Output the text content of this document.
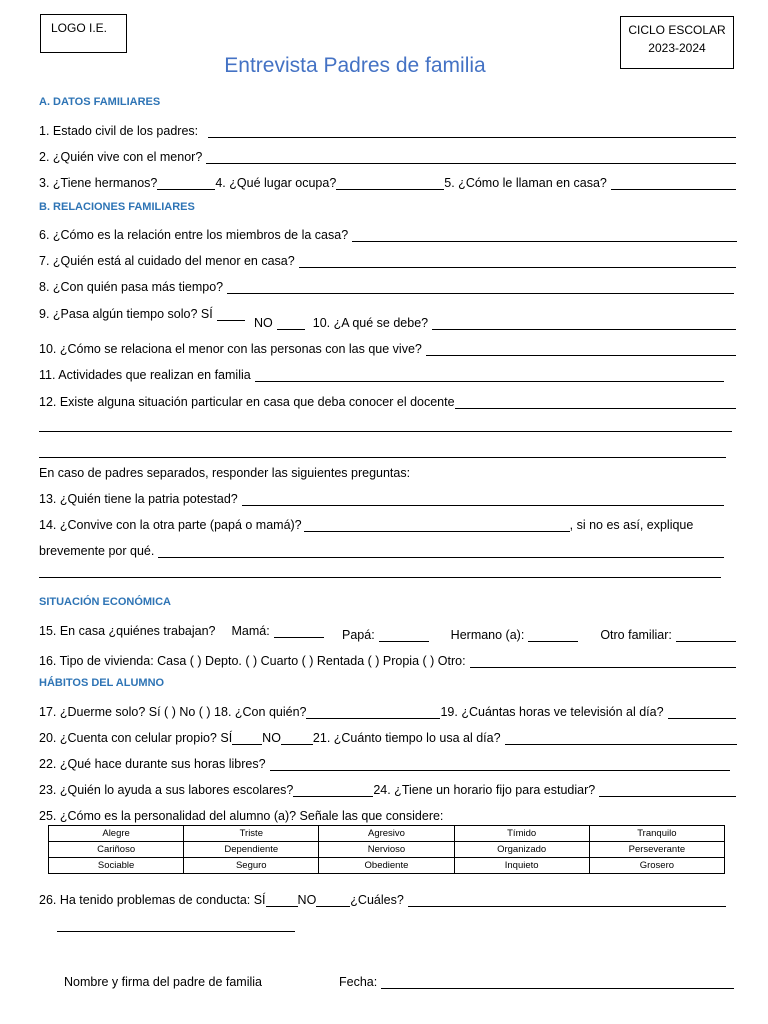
LOGO I.E.	CICLO ESCOLAR
2023-2024
Entrevista Padres de familia
A. DATOS FAMILIARES
1. Estado civil de los padres:
2. ¿Quién vive con el menor?
3. ¿Tiene hermanos?	4. ¿Qué lugar ocupa?	5. ¿Cómo le llaman en casa?
B. RELACIONES FAMILIARES
6. ¿Cómo es la relación entre los miembros de la casa?
7. ¿Quién está al cuidado del menor en casa?
8. ¿Con quién pasa más tiempo?
9. ¿Pasa algún tiempo solo? SÍ
NO	10. ¿A qué se debe?
10. ¿Cómo se relaciona el menor con las personas con las que vive?
11. Actividades que realizan en familia
12. Existe alguna situación particular en casa que deba conocer el docente
En caso de padres separados, responder las siguientes preguntas:
13. ¿Quién tiene la patria potestad?
14. ¿Convive con la otra parte (papá o mamá)?	, si no es así, explique
brevemente por qué.
SITUACIÓN ECONÓMICA
15. En casa ¿quiénes trabajan? Mamá:	Papá:	Hermano (a):	Otro familiar:
16. Tipo de vivienda: Casa ( ) Depto. ( ) Cuarto ( ) Rentada ( ) Propia ( ) Otro:
HÁBITOS DEL ALUMNO
17. ¿Duerme solo? Sí ( ) No ( ) 18. ¿Con quién?	19. ¿Cuántas horas ve televisión al día?
20. ¿Cuenta con celular propio? SÍ NO	21. ¿Cuánto tiempo lo usa al día?
22. ¿Qué hace durante sus horas libres?
23. ¿Quién lo ayuda a sus labores escolares?	24. ¿Tiene un horario fijo para estudiar?
25. ¿Cómo es la personalidad del alumno (a)? Señale las que considere:
Alegre	Triste	Agresivo	Tímido	Tranquilo
Cariñoso	Dependiente	Nervioso	Organizado	Perseverante
Sociable	Seguro	Obediente	Inquieto	Grosero
26. Ha tenido problemas de conducta: SÍ	NO	¿Cuáles?
Nombre y firma del padre de familia	Fecha:
